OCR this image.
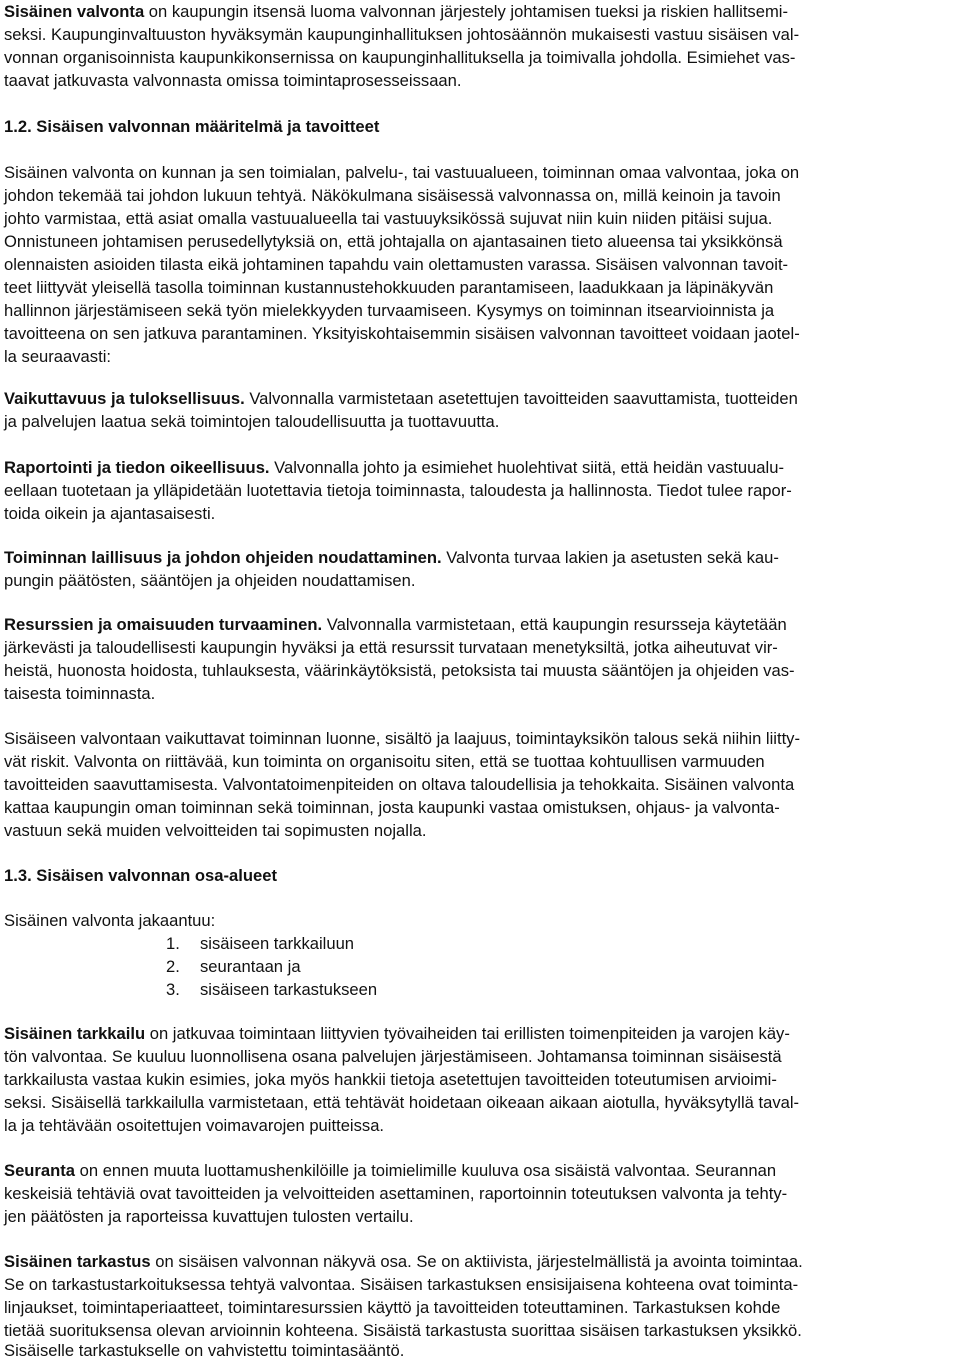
Sisäinen valvonta on kaupungin itsensä luoma valvonnan järjestely johtamisen tueksi ja riskien hallitsemi-
seksi. Kaupunginvaltuuston hyväksymän kaupunginhallituksen johtosäännön mukaisesti vastuu sisäisen val-
vonnan organisoinnista kaupunkikonsernissa on kaupunginhallituksella ja toimivalla johdolla. Esimiehet vas-
taavat jatkuvasta valvonnasta omissa toimintaprosesseissaan.
1.2. Sisäisen valvonnan määritelmä ja tavoitteet
Sisäinen valvonta on kunnan ja sen toimialan, palvelu-, tai vastuualueen, toiminnan omaa valvontaa, joka on
johdon tekemää tai johdon lukuun tehtyä. Näkökulmana sisäisessä valvonnassa on, millä keinoin ja tavoin
johto varmistaa, että asiat omalla vastuualueella tai vastuuyksikössä sujuvat niin kuin niiden pitäisi sujua.
Onnistuneen johtamisen perusedellytyksiä on, että johtajalla on ajantasainen tieto alueensa tai yksikkönsä
olennaisten asioiden tilasta eikä johtaminen tapahdu vain olettamusten varassa. Sisäisen valvonnan tavoit-
teet liittyvät yleisellä tasolla toiminnan kustannustehokkuuden parantamiseen, laadukkaan ja läpinäkyvän
hallinnon järjestämiseen sekä työn mielekkyyden turvaamiseen. Kysymys on toiminnan itsearvioinnista ja
tavoitteena on sen jatkuva parantaminen. Yksityiskohtaisemmin sisäisen valvonnan tavoitteet voidaan jaotel-
la seuraavasti:
Vaikuttavuus ja tuloksellisuus. Valvonnalla varmistetaan asetettujen tavoitteiden saavuttamista, tuotteiden
ja palvelujen laatua sekä toimintojen taloudellisuutta ja tuottavuutta.
Raportointi ja tiedon oikeellisuus. Valvonnalla johto ja esimiehet huolehtivat siitä, että heidän vastuualu-
eellaan tuotetaan ja ylläpidetään luotettavia tietoja toiminnasta, taloudesta ja hallinnosta. Tiedot tulee rapor-
toida oikein ja ajantasaisesti.
Toiminnan laillisuus ja johdon ohjeiden noudattaminen. Valvonta turvaa lakien ja asetusten sekä kau-
pungin päätösten, sääntöjen ja ohjeiden noudattamisen.
Resurssien ja omaisuuden turvaaminen. Valvonnalla varmistetaan, että kaupungin resursseja käytetään
järkevästi ja taloudellisesti kaupungin hyväksi ja että resurssit turvataan menetyksiltä, jotka aiheutuvat vir-
heistä, huonosta hoidosta, tuhlauksesta, väärinkäytöksistä, petoksista tai muusta sääntöjen ja ohjeiden vas-
taisesta toiminnasta.
Sisäiseen valvontaan vaikuttavat toiminnan luonne, sisältö ja laajuus, toimintayksikön talous sekä niihin liitty-
vät riskit. Valvonta on riittävää, kun toiminta on organisoitu siten, että se tuottaa kohtuullisen varmuuden
tavoitteiden saavuttamisesta. Valvontatoimenpiteiden on oltava taloudellisia ja tehokkaita. Sisäinen valvonta
kattaa kaupungin oman toiminnan sekä toiminnan, josta kaupunki vastaa omistuksen, ohjaus- ja valvonta-
vastuun sekä muiden velvoitteiden tai sopimusten nojalla.
1.3. Sisäisen valvonnan osa-alueet
Sisäinen valvonta jakaantuu:
1. sisäiseen tarkkailuun
2. seurantaan ja
3. sisäiseen tarkastukseen
Sisäinen tarkkailu on jatkuvaa toimintaan liittyvien työvaiheiden tai erillisten toimenpiteiden ja varojen käy-
tön valvontaa. Se kuuluu luonnollisena osana palvelujen järjestämiseen. Johtamansa toiminnan sisäisestä
tarkkailusta vastaa kukin esimies, joka myös hankkii tietoja asetettujen tavoitteiden toteutumisen arvioimi-
seksi. Sisäisellä tarkkailulla varmistetaan, että tehtävät hoidetaan oikeaan aikaan aiotulla, hyväksytyllä taval-
la ja tehtävään osoitettujen voimavarojen puitteissa.
Seuranta on ennen muuta luottamushenkilöille ja toimielimille kuuluva osa sisäistä valvontaa. Seurannan
keskeisiä tehtäviä ovat tavoitteiden ja velvoitteiden asettaminen, raportoinnin toteutuksen valvonta ja tehty-
jen päätösten ja raporteissa kuvattujen tulosten vertailu.
Sisäinen tarkastus on sisäisen valvonnan näkyvä osa. Se on aktiivista, järjestelmällistä ja avointa toimintaa.
Se on tarkastustarkoituksessa tehtyä valvontaa. Sisäisen tarkastuksen ensisijaisena kohteena ovat toiminta-
linjaukset, toimintaperiaatteet, toimintaresurssien käyttö ja tavoitteiden toteuttaminen. Tarkastuksen kohde
tietää suorituksensa olevan arvioinnin kohteena. Sisäistä tarkastusta suorittaa sisäisen tarkastuksen yksikkö.
Sisäiselle tarkastukselle on vahvistettu toimintasääntö.
